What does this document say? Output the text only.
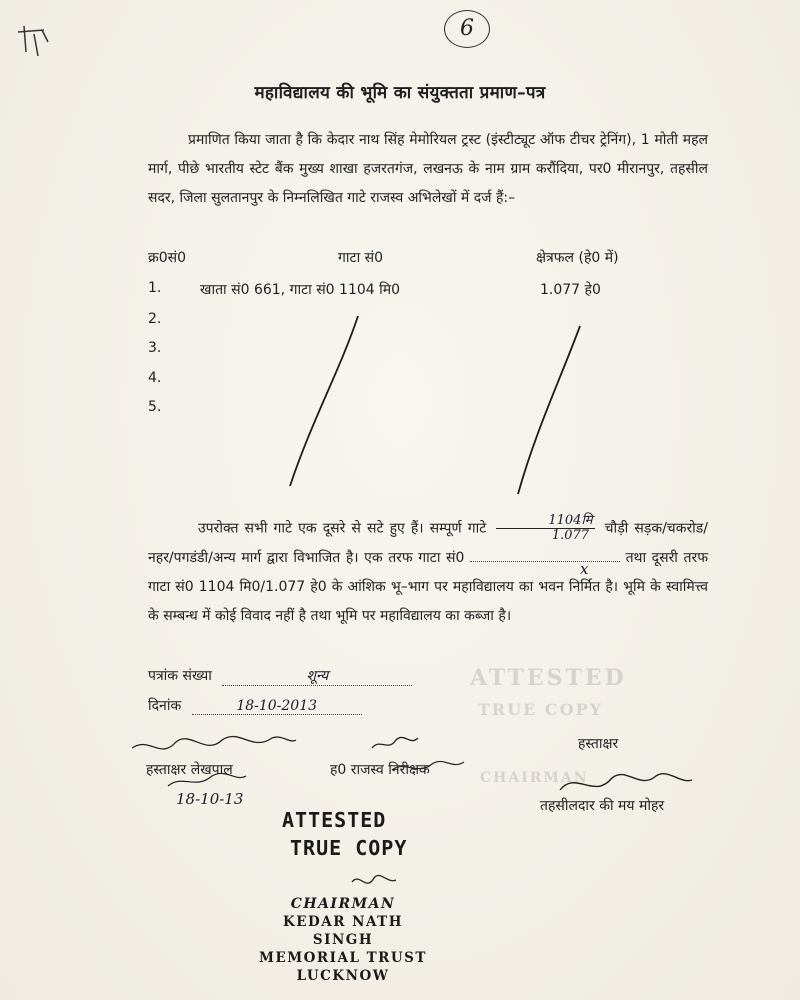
ATTESTED
TRUE COPY
CHAIRMAN
6
महाविद्यालय की भूमि का संयुक्तता प्रमाण–पत्र
प्रमाणित किया जाता है कि केदार नाथ सिंह मेमोरियल ट्रस्ट (इंस्टीट्यूट ऑफ टीचर ट्रेनिंग), 1 मोती महल मार्ग, पीछे भारतीय स्टेट बैंक मुख्य शाखा हजरतगंज, लखनऊ के नाम ग्राम करौंदिया, पर0 मीरानपुर, तहसील सदर, जिला सुलतानपुर के निम्नलिखित गाटे राजस्व अभिलेखों में दर्ज हैं:–
क्र0सं0	गाटा सं0	क्षेत्रफल (हे0 में)
1.	खाता सं0 661, गाटा सं0 1104 मि0	1.077 हे0
2.
3.
4.
5.
उपरोक्त सभी गाटे एक दूसरे से सटे हुए हैं। सम्पूर्ण गाटे	1104मि
1.077	चौड़ी सड़क/चकरोड/नहर/पगडंडी/अन्य मार्ग द्वारा विभाजित है। एक तरफ गाटा सं0
x
तथा दूसरी तरफ गाटा सं0 1104 मि0/1.077 हे0 के आंशिक भू–भाग पर महाविद्यालय का भवन निर्मित है। भूमि के स्वामित्त्व के सम्बन्ध में कोई विवाद नहीं है तथा भूमि पर महाविद्यालय का कब्जा है।
पत्रांक संख्या	शून्य
दिनांक	18-10-2013
हस्ताक्षर
हस्ताक्षर लेखपाल
18-10-13
ह0 राजस्व निरीक्षक
तहसीलदार की मय मोहर
ATTESTED
TRUE COPY
CHAIRMAN
KEDAR NATH SINGH
MEMORIAL TRUST
LUCKNOW
